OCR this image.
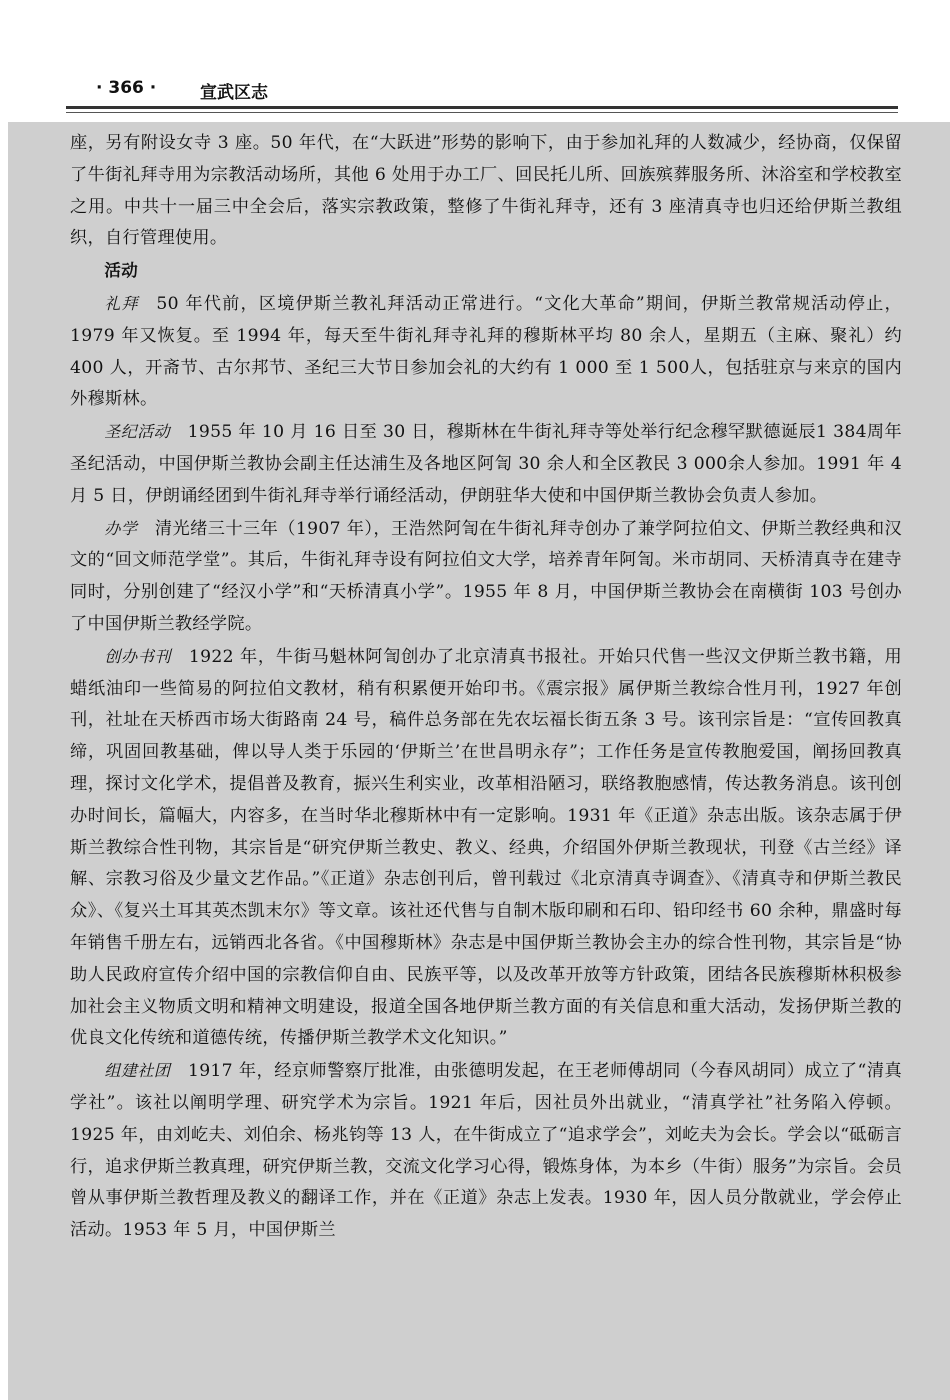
· 366 ·	宣武区志

座，另有附设女寺 3 座。50 年代，在“大跃进”形势的影响下，由于参加礼拜的人数减少，经协商，仅保留了牛街礼拜寺用为宗教活动场所，其他 6 处用于办工厂、回民托儿所、回族殡葬服务所、沐浴室和学校教室之用。中共十一届三中全会后，落实宗教政策，整修了牛街礼拜寺，还有 3 座清真寺也归还给伊斯兰教组织，自行管理使用。

活动

礼拜 50 年代前，区境伊斯兰教礼拜活动正常进行。“文化大革命”期间，伊斯兰教常规活动停止，1979 年又恢复。至 1994 年，每天至牛街礼拜寺礼拜的穆斯林平均 80 余人，星期五（主麻、聚礼）约 400 人，开斋节、古尔邦节、圣纪三大节日参加会礼的大约有 1 000 至 1 500人，包括驻京与来京的国内外穆斯林。

圣纪活动 1955 年 10 月 16 日至 30 日，穆斯林在牛街礼拜寺等处举行纪念穆罕默德诞辰1 384周年圣纪活动，中国伊斯兰教协会副主任达浦生及各地区阿訇 30 余人和全区教民 3 000余人参加。1991 年 4 月 5 日，伊朗诵经团到牛街礼拜寺举行诵经活动，伊朗驻华大使和中国伊斯兰教协会负责人参加。

办学 清光绪三十三年（1907 年），王浩然阿訇在牛街礼拜寺创办了兼学阿拉伯文、伊斯兰教经典和汉文的“回文师范学堂”。其后，牛街礼拜寺设有阿拉伯文大学，培养青年阿訇。米市胡同、天桥清真寺在建寺同时，分别创建了“经汉小学”和“天桥清真小学”。1955 年 8 月，中国伊斯兰教协会在南横街 103 号创办了中国伊斯兰教经学院。

创办书刊 1922 年，牛街马魁林阿訇创办了北京清真书报社。开始只代售一些汉文伊斯兰教书籍，用蜡纸油印一些简易的阿拉伯文教材，稍有积累便开始印书。《震宗报》属伊斯兰教综合性月刊，1927 年创刊，社址在天桥西市场大街路南 24 号，稿件总务部在先农坛福长街五条 3 号。该刊宗旨是：“宣传回教真缔，巩固回教基础，俾以导人类于乐园的‘伊斯兰’在世昌明永存”；工作任务是宣传教胞爱国，阐扬回教真理，探讨文化学术，提倡普及教育，振兴生利实业，改革相沿陋习，联络教胞感情，传达教务消息。该刊创办时间长，篇幅大，内容多，在当时华北穆斯林中有一定影响。1931 年《正道》杂志出版。该杂志属于伊斯兰教综合性刊物，其宗旨是“研究伊斯兰教史、教义、经典，介绍国外伊斯兰教现状，刊登《古兰经》译解、宗教习俗及少量文艺作品。”《正道》杂志创刊后，曾刊载过《北京清真寺调查》、《清真寺和伊斯兰教民众》、《复兴土耳其英杰凯末尔》等文章。该社还代售与自制木版印刷和石印、铅印经书 60 余种，鼎盛时每年销售千册左右，远销西北各省。《中国穆斯林》杂志是中国伊斯兰教协会主办的综合性刊物，其宗旨是“协助人民政府宣传介绍中国的宗教信仰自由、民族平等，以及改革开放等方针政策，团结各民族穆斯林积极参加社会主义物质文明和精神文明建设，报道全国各地伊斯兰教方面的有关信息和重大活动，发扬伊斯兰教的优良文化传统和道德传统，传播伊斯兰教学术文化知识。”

组建社团 1917 年，经京师警察厅批准，由张德明发起，在王老师傅胡同（今春风胡同）成立了“清真学社”。该社以阐明学理、研究学术为宗旨。1921 年后，因社员外出就业，“清真学社”社务陷入停顿。1925 年，由刘屹夫、刘伯余、杨兆钧等 13 人，在牛街成立了“追求学会”，刘屹夫为会长。学会以“砥砺言行，追求伊斯兰教真理，研究伊斯兰教，交流文化学习心得，锻炼身体，为本乡（牛街）服务”为宗旨。会员曾从事伊斯兰教哲理及教义的翻译工作，并在《正道》杂志上发表。1930 年，因人员分散就业，学会停止活动。1953 年 5 月，中国伊斯兰
